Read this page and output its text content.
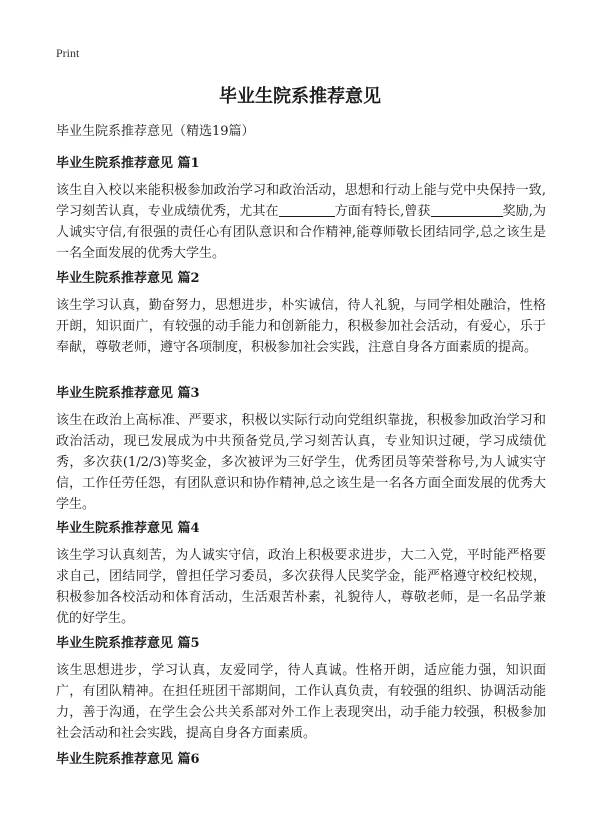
Print
毕业生院系推荐意见

毕业生院系推荐意见（精选19篇）

毕业生院系推荐意见 篇1

该生自入校以来能积极参加政治学习和政治活动，思想和行动上能与党中央保持一致,学习刻苦认真，专业成绩优秀，尤其在	方面有特长,曾获	奖励,为人诚实守信,有很强的责任心有团队意识和合作精神,能尊师敬长团结同学,总之该生是一名全面发展的优秀大学生。

毕业生院系推荐意见 篇2

该生学习认真，勤奋努力，思想进步，朴实诚信，待人礼貌，与同学相处融洽，性格开朗，知识面广，有较强的动手能力和创新能力，积极参加社会活动，有爱心，乐于奉献，尊敬老师，遵守各项制度，积极参加社会实践，注意自身各方面素质的提高。

毕业生院系推荐意见 篇3

该生在政治上高标准、严要求，积极以实际行动向党组织靠拢，积极参加政治学习和政治活动，现已发展成为中共预备党员,学习刻苦认真，专业知识过硬，学习成绩优秀，多次获(1/2/3)等奖金，多次被评为三好学生，优秀团员等荣誉称号,为人诚实守信，工作任劳任怨，有团队意识和协作精神,总之该生是一名各方面全面发展的优秀大学生。

毕业生院系推荐意见 篇4

该生学习认真刻苦，为人诚实守信，政治上积极要求进步，大二入党，平时能严格要求自己，团结同学，曾担任学习委员，多次获得人民奖学金，能严格遵守校纪校规，积极参加各校活动和体育活动，生活艰苦朴素，礼貌待人，尊敬老师，是一名品学兼优的好学生。

毕业生院系推荐意见 篇5

该生思想进步，学习认真，友爱同学，待人真诚。性格开朗，适应能力强，知识面广，有团队精神。在担任班团干部期间，工作认真负责，有较强的组织、协调活动能力，善于沟通，在学生会公共关系部对外工作上表现突出，动手能力较强，积极参加社会活动和社会实践，提高自身各方面素质。

毕业生院系推荐意见 篇6
